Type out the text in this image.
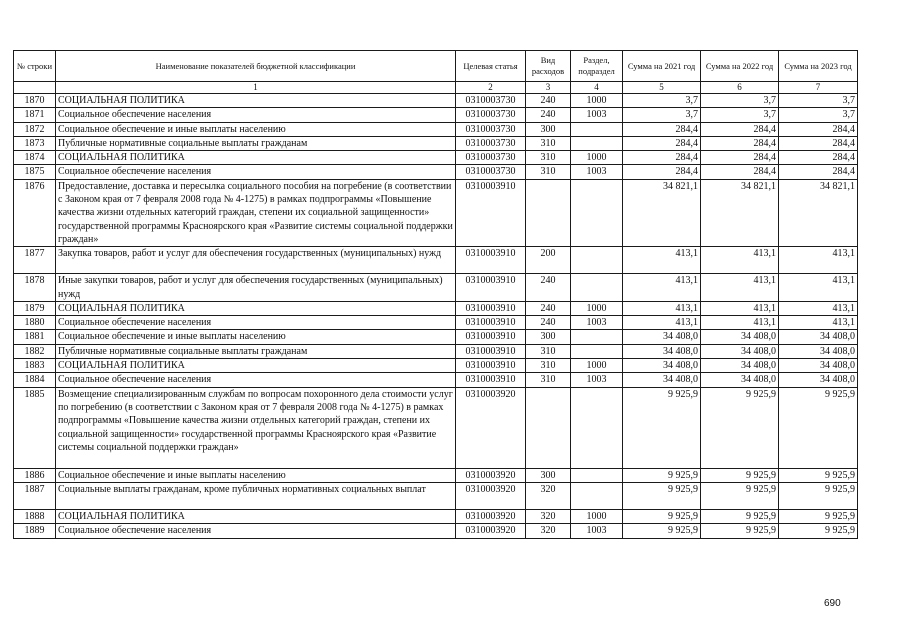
№ строки	Наименование показателей бюджетной классификации	Целевая статья	Вид расходов	Раздел, подраздел	Сумма на 2021 год	Сумма на 2022 год	Сумма на 2023 год
	1	2	3	4	5	6	7
1870	СОЦИАЛЬНАЯ ПОЛИТИКА	0310003730	240	1000	3,7	3,7	3,7
1871	Социальное обеспечение населения	0310003730	240	1003	3,7	3,7	3,7
1872	Социальное обеспечение и иные выплаты населению	0310003730	300		284,4	284,4	284,4
1873	Публичные нормативные социальные выплаты гражданам	0310003730	310		284,4	284,4	284,4
1874	СОЦИАЛЬНАЯ ПОЛИТИКА	0310003730	310	1000	284,4	284,4	284,4
1875	Социальное обеспечение населения	0310003730	310	1003	284,4	284,4	284,4
1876	Предоставление, доставка и пересылка социального пособия на погребение (в соответствии с Законом края от 7 февраля 2008 года № 4-1275) в рамках подпрограммы «Повышение качества жизни отдельных категорий граждан, степени их социальной защищенности» государственной программы Красноярского края «Развитие системы социальной поддержки граждан»	0310003910			34 821,1	34 821,1	34 821,1
1877	Закупка товаров, работ и услуг для обеспечения государственных (муниципальных) нужд	0310003910	200		413,1	413,1	413,1
1878	Иные закупки товаров, работ и услуг для обеспечения государственных (муниципальных) нужд	0310003910	240		413,1	413,1	413,1
1879	СОЦИАЛЬНАЯ ПОЛИТИКА	0310003910	240	1000	413,1	413,1	413,1
1880	Социальное обеспечение населения	0310003910	240	1003	413,1	413,1	413,1
1881	Социальное обеспечение и иные выплаты населению	0310003910	300		34 408,0	34 408,0	34 408,0
1882	Публичные нормативные социальные выплаты гражданам	0310003910	310		34 408,0	34 408,0	34 408,0
1883	СОЦИАЛЬНАЯ ПОЛИТИКА	0310003910	310	1000	34 408,0	34 408,0	34 408,0
1884	Социальное обеспечение населения	0310003910	310	1003	34 408,0	34 408,0	34 408,0
1885	Возмещение специализированным службам по вопросам похоронного дела стоимости услуг по погребению (в соответствии с Законом края от 7 февраля 2008 года № 4-1275) в рамках подпрограммы «Повышение качества жизни отдельных категорий граждан, степени их социальной защищенности» государственной программы Красноярского края «Развитие системы социальной поддержки граждан»	0310003920			9 925,9	9 925,9	9 925,9
1886	Социальное обеспечение и иные выплаты населению	0310003920	300		9 925,9	9 925,9	9 925,9
1887	Социальные выплаты гражданам, кроме публичных нормативных социальных выплат	0310003920	320		9 925,9	9 925,9	9 925,9
1888	СОЦИАЛЬНАЯ ПОЛИТИКА	0310003920	320	1000	9 925,9	9 925,9	9 925,9
1889	Социальное обеспечение населения	0310003920	320	1003	9 925,9	9 925,9	9 925,9
690
